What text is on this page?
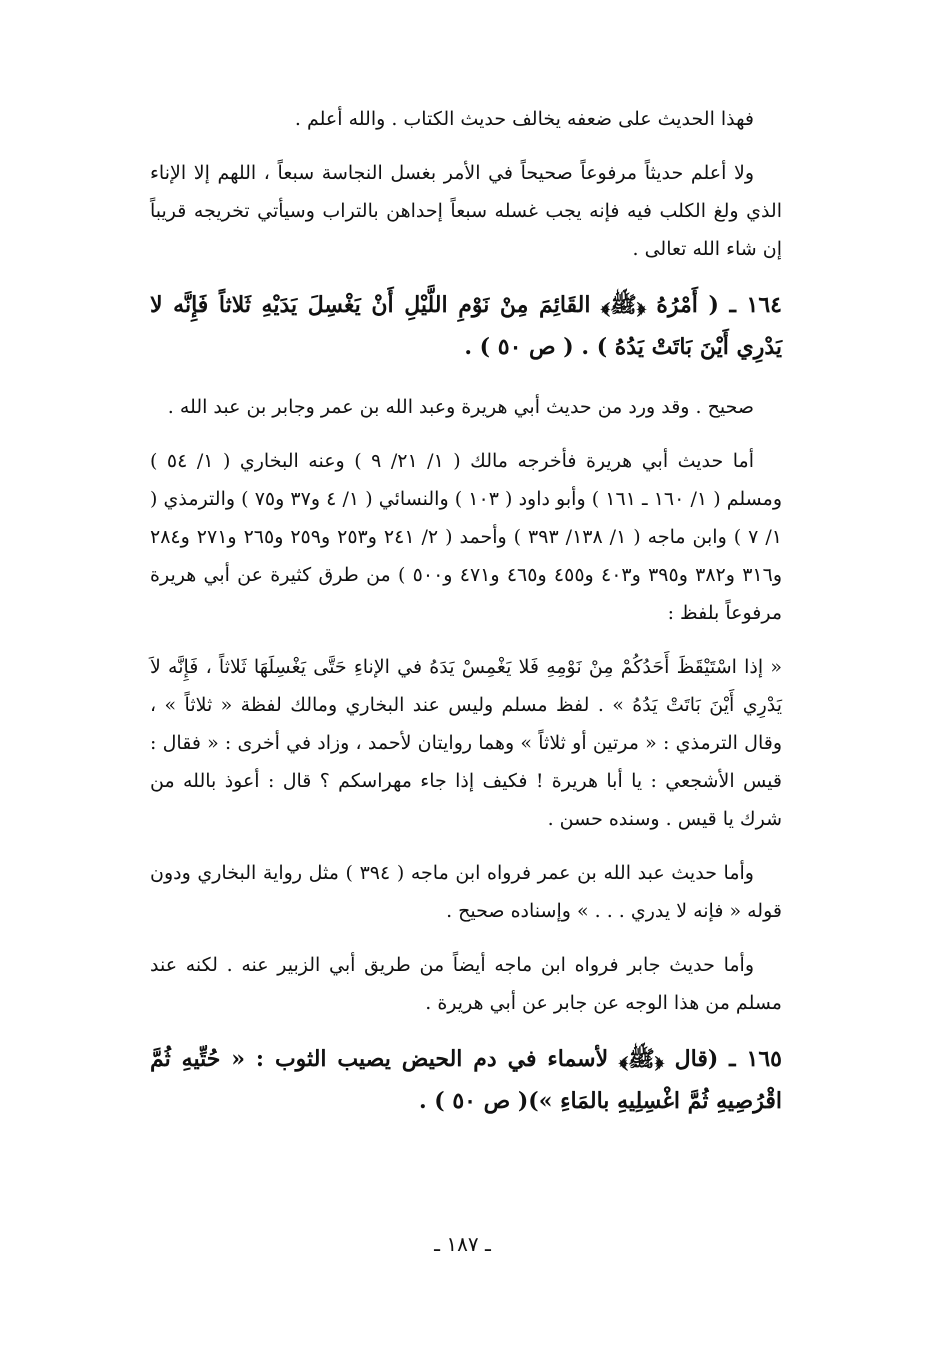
فهذا الحديث على ضعفه يخالف حديث الكتاب . والله أعلم .

ولا أعلم حديثاً مرفوعاً صحيحاً في الأمر بغسل النجاسة سبعاً ، اللهم إلا الإناء الذي ولغ الكلب فيه فإنه يجب غسله سبعاً إحداهن بالتراب وسيأتي تخريجه قريباً إن شاء الله تعالى .

١٦٤ ـ ( أَمْرُهُ ﴿ﷺ﴾ القَائِمَ مِنْ نَوْمِ اللَّيْلِ أَنْ يَغْسِلَ يَدَيْهِ ثَلاثاً فَإِنَّه لا يَدْرِي أَيْنَ بَاتَتْ يَدُهُ ) . ( ص ٥٠ ) .

صحيح . وقد ورد من حديث أبي هريرة وعبد الله بن عمر وجابر بن عبد الله .

أما حديث أبي هريرة فأخرجه مالك ( ١/ ٢١/ ٩ ) وعنه البخاري ( ١/ ٥٤ ) ومسلم ( ١/ ١٦٠ ـ ١٦١ ) وأبو داود ( ١٠٣ ) والنسائي ( ١/ ٤ و٣٧ و٧٥ ) والترمذي ( ١/ ٧ ) وابن ماجه ( ١/ ١٣٨/ ٣٩٣ ) وأحمد ( ٢/ ٢٤١ و٢٥٣ و٢٥٩ و٢٦٥ و٢٧١ و٢٨٤ و٣١٦ و٣٨٢ و٣٩٥ و٤٠٣ و٤٥٥ و٤٦٥ و٤٧١ و٥٠٠ ) من طرق كثيرة عن أبي هريرة مرفوعاً بلفظ :

« إذا اسْتَيْقَظَ أَحَدُكُمْ مِنْ نَوْمِهِ فَلا يَغْمِسْ يَدَهُ في الإناءِ حَتَّى يَغْسِلَهَا ثَلاثاً ، فَإِنَّه لاَ يَدْرِي أَيْنَ بَاتَتْ يَدُهُ » . لفظ مسلم وليس عند البخاري ومالك لفظة « ثلاثاً » ، وقال الترمذي : « مرتين أو ثلاثاً » وهما روايتان لأحمد ، وزاد في أخرى : « فقال : قيس الأشجعي : يا أبا هريرة ! فكيف إذا جاء مهراسكم ؟ قال : أعوذ بالله من شرك يا قيس . وسنده حسن .

وأما حديث عبد الله بن عمر فرواه ابن ماجه ( ٣٩٤ ) مثل رواية البخاري ودون قوله « فإنه لا يدري . . . » وإسناده صحيح .

وأما حديث جابر فرواه ابن ماجه أيضاً من طريق أبي الزبير عنه . لكنه عند مسلم من هذا الوجه عن جابر عن أبي هريرة .

١٦٥ ـ (قال ﴿ﷺ﴾ لأسماء في دم الحيض يصيب الثوب : « حُتِّيهِ ثُمَّ اقْرُصِيهِ ثُمَّ اغْسِلِيهِ بالمَاءِ »)( ص ٥٠ ) .

ـ ١٨٧ ـ
